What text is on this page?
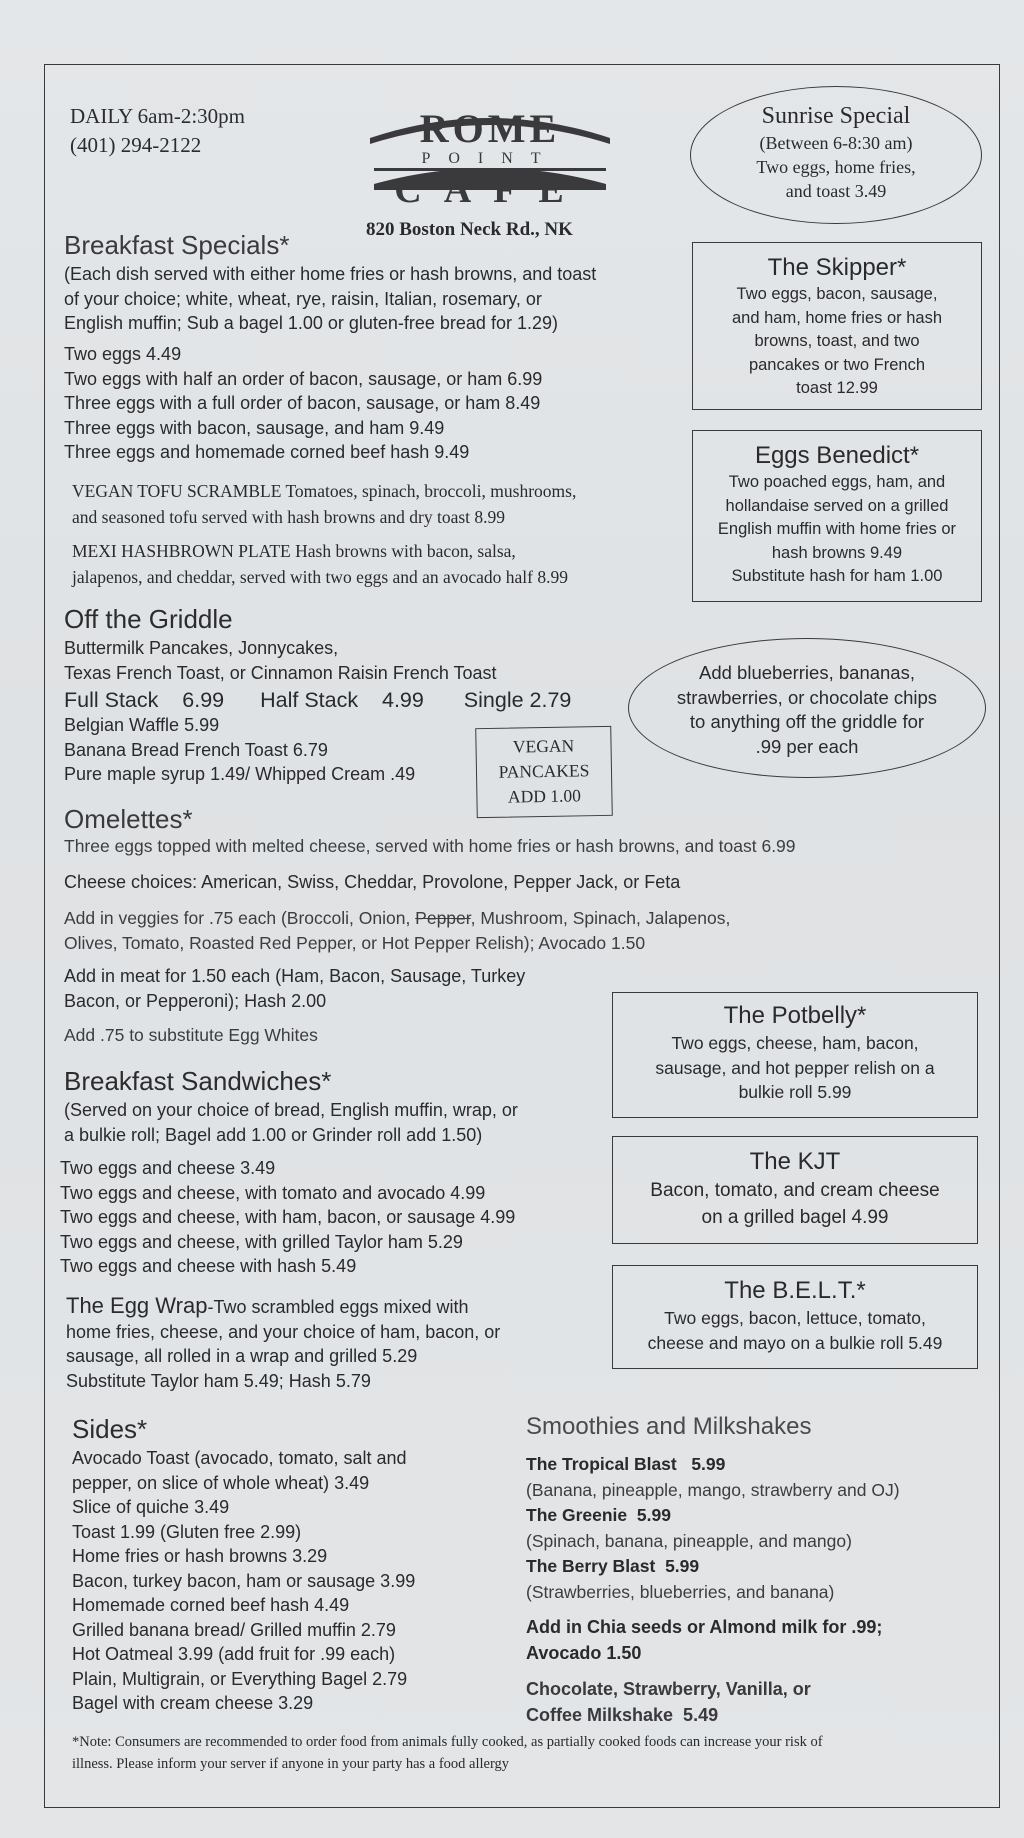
DAILY 6am-2:30pm
(401) 294-2122	ROME
POINT
CAFE
820 Boston Neck Rd., NK
Sunrise Special
(Between 6-8:30 am)
Two eggs, home fries,
and toast 3.49
Breakfast Specials*
(Each dish served with either home fries or hash browns, and toast
of your choice; white, wheat, rye, raisin, Italian, rosemary, or
English muffin; Sub a bagel 1.00 or gluten-free bread for 1.29)
Two eggs 4.49
Two eggs with half an order of bacon, sausage, or ham 6.99
Three eggs with a full order of bacon, sausage, or ham 8.49
Three eggs with bacon, sausage, and ham 9.49
Three eggs and homemade corned beef hash 9.49
VEGAN TOFU SCRAMBLE Tomatoes, spinach, broccoli, mushrooms,
and seasoned tofu served with hash browns and dry toast 8.99
MEXI HASHBROWN PLATE Hash browns with bacon, salsa,
jalapenos, and cheddar, served with two eggs and an avocado half 8.99
The Skipper*
Two eggs, bacon, sausage,
and ham, home fries or hash
browns, toast, and two
pancakes or two French
toast 12.99
Eggs Benedict*
Two poached eggs, ham, and
hollandaise served on a grilled
English muffin with home fries or
hash browns 9.49
Substitute hash for ham 1.00
Off the Griddle
Buttermilk Pancakes, Jonnycakes,
Texas French Toast, or Cinnamon Raisin French Toast
Full Stack    6.99 Half Stack    4.99 Single 2.79
Belgian Waffle 5.99
Banana Bread French Toast 6.79
Pure maple syrup 1.49/ Whipped Cream .49
VEGAN
PANCAKES
ADD 1.00
Add blueberries, bananas,
strawberries, or chocolate chips
to anything off the griddle for
.99 per each
Omelettes*
Three eggs topped with melted cheese, served with home fries or hash browns, and toast 6.99
Cheese choices: American, Swiss, Cheddar, Provolone, Pepper Jack, or Feta
Add in veggies for .75 each (Broccoli, Onion, Pepper, Mushroom, Spinach, Jalapenos,
Olives, Tomato, Roasted Red Pepper, or Hot Pepper Relish); Avocado 1.50
Add in meat for 1.50 each (Ham, Bacon, Sausage, Turkey
Bacon, or Pepperoni); Hash 2.00
Add .75 to substitute Egg Whites
The Potbelly*
Two eggs, cheese, ham, bacon,
sausage, and hot pepper relish on a
bulkie roll 5.99
The KJT
Bacon, tomato, and cream cheese
on a grilled bagel 4.99
The B.E.L.T.*
Two eggs, bacon, lettuce, tomato,
cheese and mayo on a bulkie roll 5.49
Breakfast Sandwiches*
(Served on your choice of bread, English muffin, wrap, or
a bulkie roll; Bagel add 1.00 or Grinder roll add 1.50)
Two eggs and cheese 3.49
Two eggs and cheese, with tomato and avocado 4.99
Two eggs and cheese, with ham, bacon, or sausage 4.99
Two eggs and cheese, with grilled Taylor ham 5.29
Two eggs and cheese with hash 5.49
The Egg Wrap-Two scrambled eggs mixed with
home fries, cheese, and your choice of ham, bacon, or
sausage, all rolled in a wrap and grilled 5.29
Substitute Taylor ham 5.49; Hash 5.79
Sides*
Avocado Toast (avocado, tomato, salt and
pepper, on slice of whole wheat) 3.49
Slice of quiche 3.49
Toast 1.99 (Gluten free 2.99)
Home fries or hash browns 3.29
Bacon, turkey bacon, ham or sausage 3.99
Homemade corned beef hash 4.49
Grilled banana bread/ Grilled muffin 2.79
Hot Oatmeal 3.99 (add fruit for .99 each)
Plain, Multigrain, or Everything Bagel 2.79
Bagel with cream cheese 3.29
Smoothies and Milkshakes
The Tropical Blast   5.99
(Banana, pineapple, mango, strawberry and OJ)
The Greenie  5.99
(Spinach, banana, pineapple, and mango)
The Berry Blast  5.99
(Strawberries, blueberries, and banana)
Add in Chia seeds or Almond milk for .99;
Avocado 1.50
Chocolate, Strawberry, Vanilla, or
Coffee Milkshake  5.49
*Note: Consumers are recommended to order food from animals fully cooked, as partially cooked foods can increase your risk of
illness. Please inform your server if anyone in your party has a food allergy
